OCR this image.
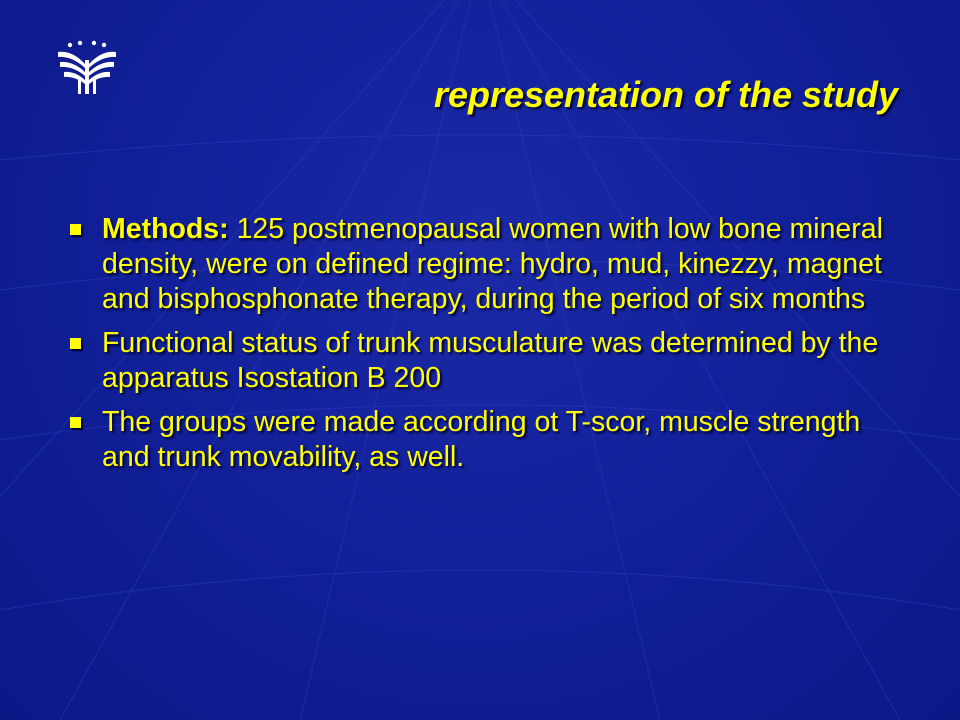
representation of the study
Methods: 125 postmenopausal women with low bone mineral density, were on defined regime: hydro, mud, kinezzy, magnet and bisphosphonate therapy, during the period of six months
Functional status of trunk musculature was determined by the apparatus Isostation B 200
The groups were made according ot T-scor, muscle strength and trunk movability, as well.
